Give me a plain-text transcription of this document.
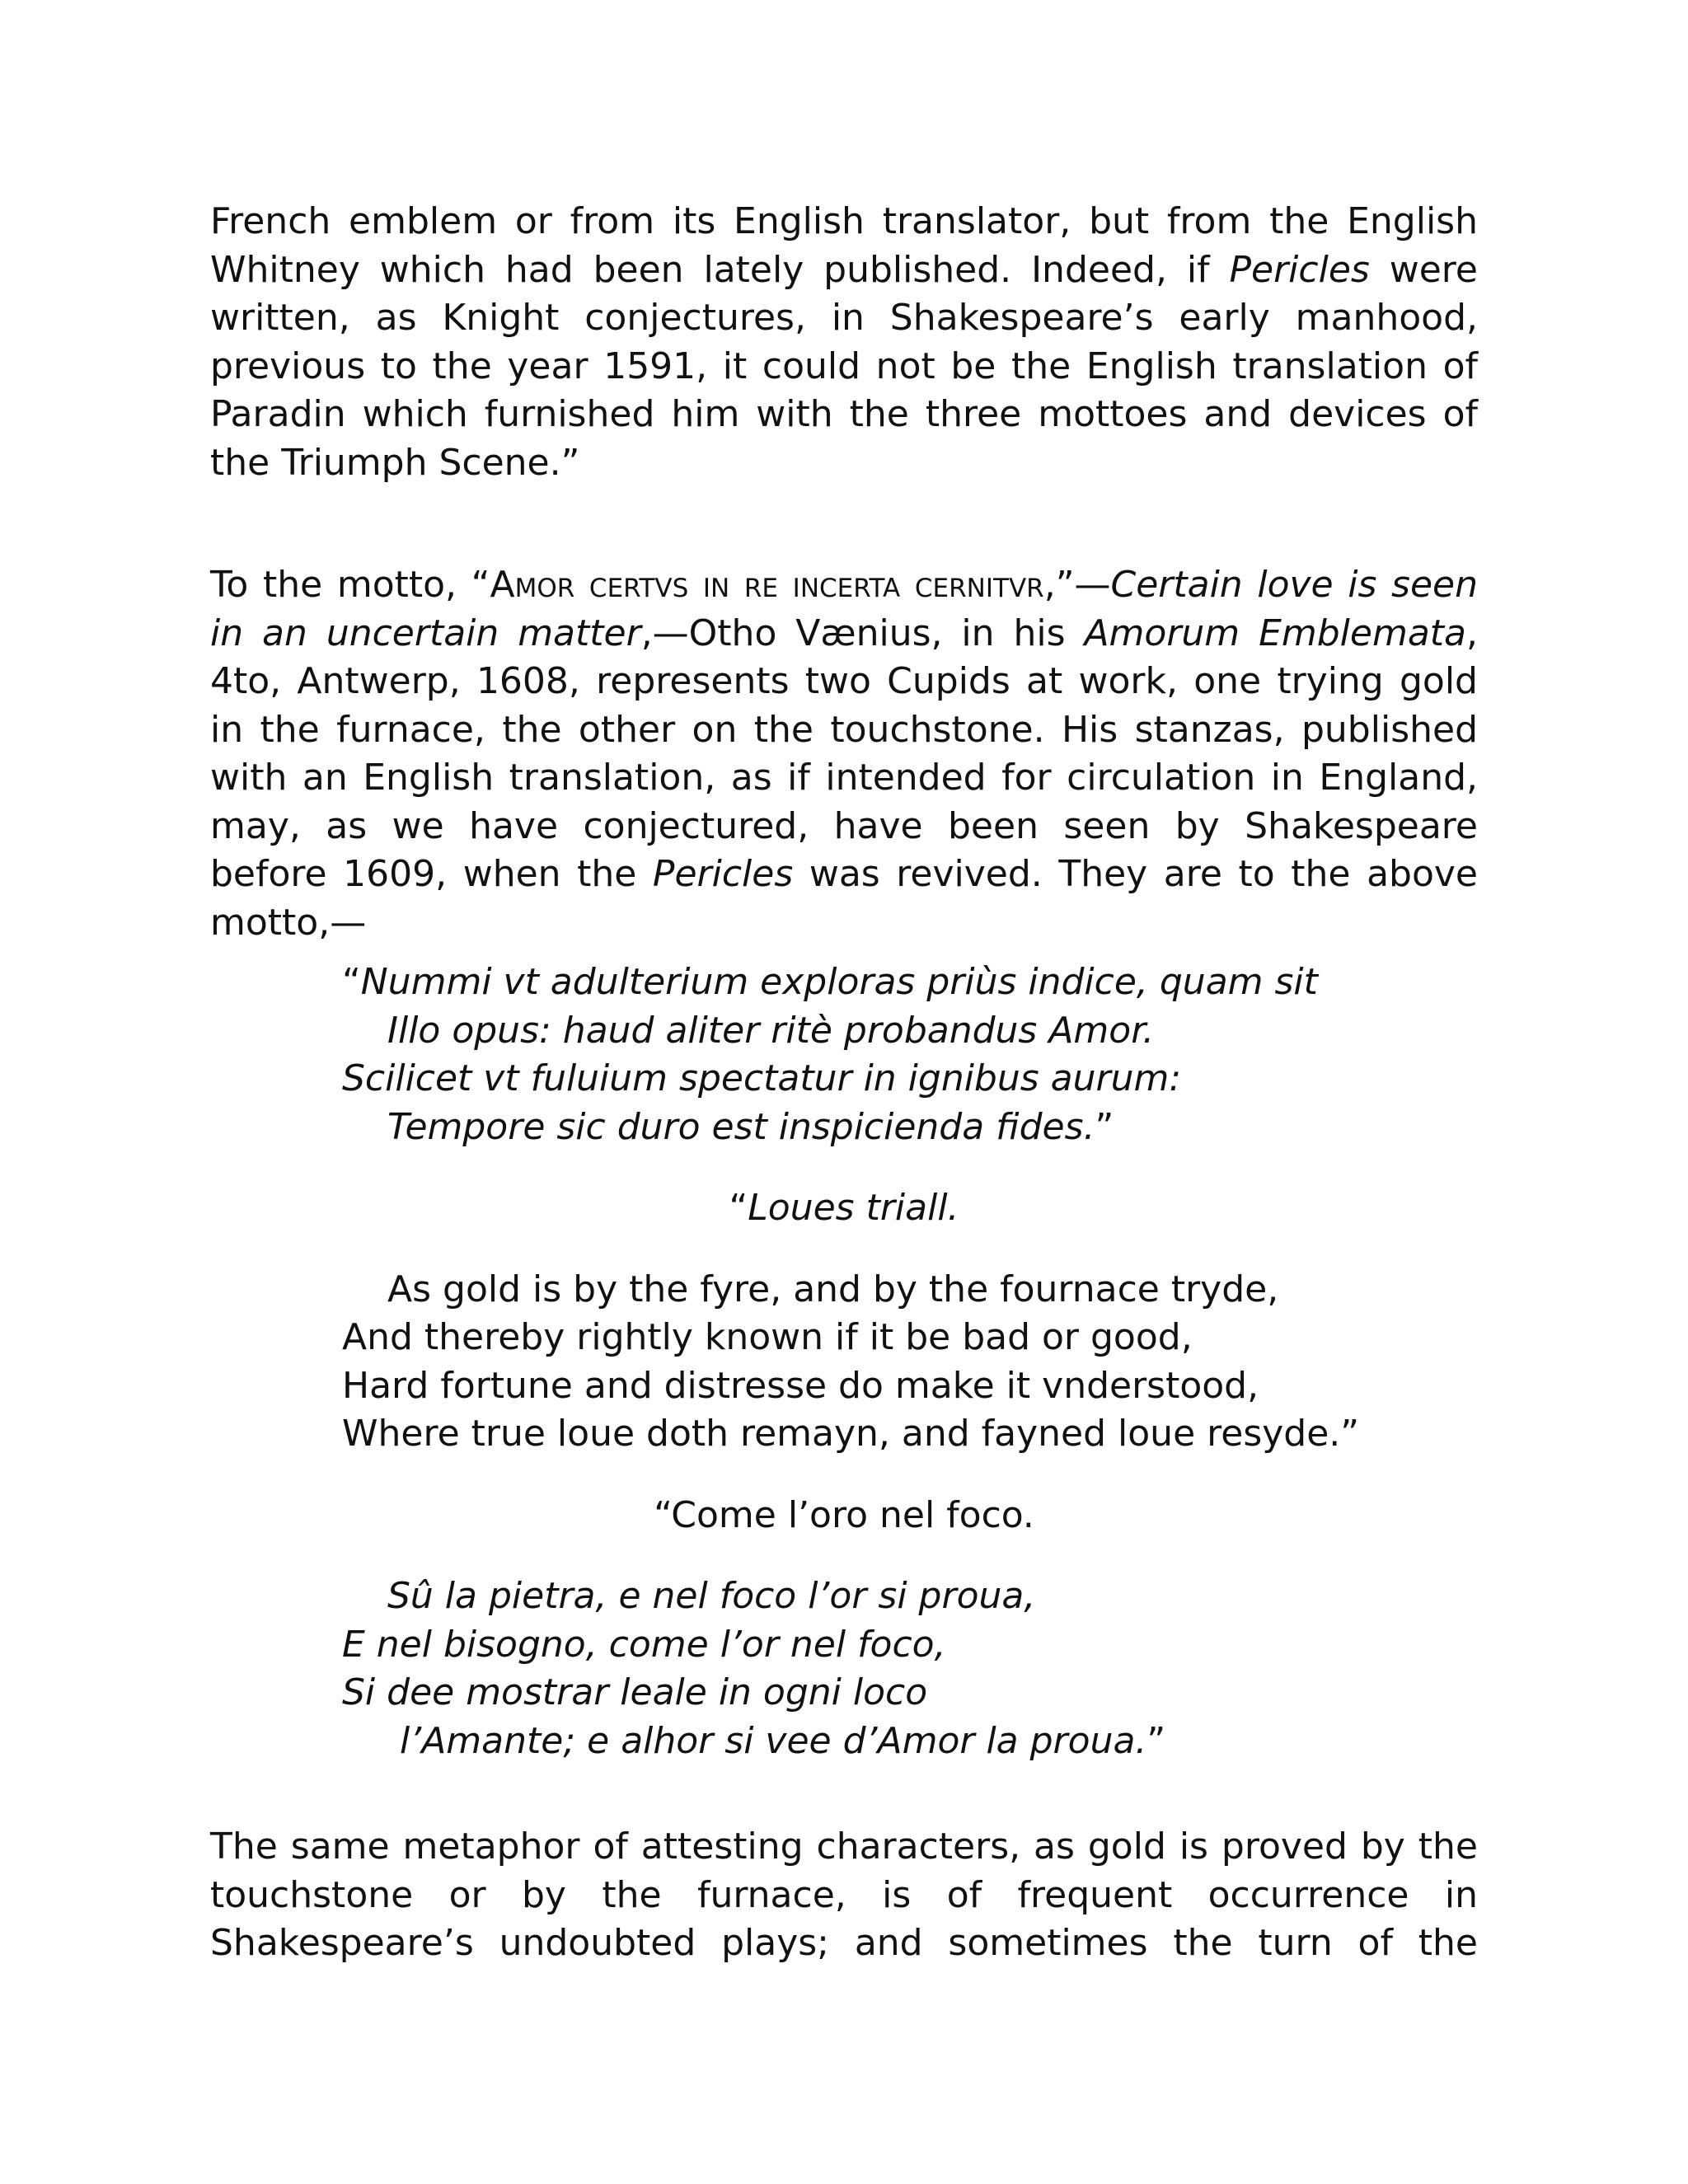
French emblem or from its English translator, but from the English Whitney which had been lately published. Indeed, if Pericles were written, as Knight conjectures, in Shakespeare’s early manhood, previous to the year 1591, it could not be the English translation of Paradin which furnished him with the three mottoes and devices of the Triumph Scene.”

To the motto, “Amor certvs in re incerta cernitvr,”—Certain love is seen in an uncertain matter,—Otho Vænius, in his Amorum Emblemata, 4to, Antwerp, 1608, represents two Cupids at work, one trying gold in the furnace, the other on the touchstone. His stanzas, published with an English translation, as if intended for circulation in England, may, as we have conjectured, have been seen by Shakespeare before 1609, when the Pericles was revived. They are to the above motto,—

“Nummi vt adulterium exploras priùs indice, quam sit
Illo opus: haud aliter ritè probandus Amor.
Scilicet vt fuluium spectatur in ignibus aurum:
Tempore sic duro est inspicienda fides.”

“Loues triall.

As gold is by the fyre, and by the fournace tryde,
And thereby rightly known if it be bad or good,
Hard fortune and distresse do make it vnderstood,
Where true loue doth remayn, and fayned loue resyde.”

“Come l’oro nel foco.

Sû la pietra, e nel foco l’or si proua,
E nel bisogno, come l’or nel foco,
Si dee mostrar leale in ogni loco
l’Amante; e alhor si vee d’Amor la proua.”

The same metaphor of attesting characters, as gold is proved by the touchstone or by the furnace, is of frequent occurrence in Shakespeare’s undoubted plays; and sometimes the turn of the
